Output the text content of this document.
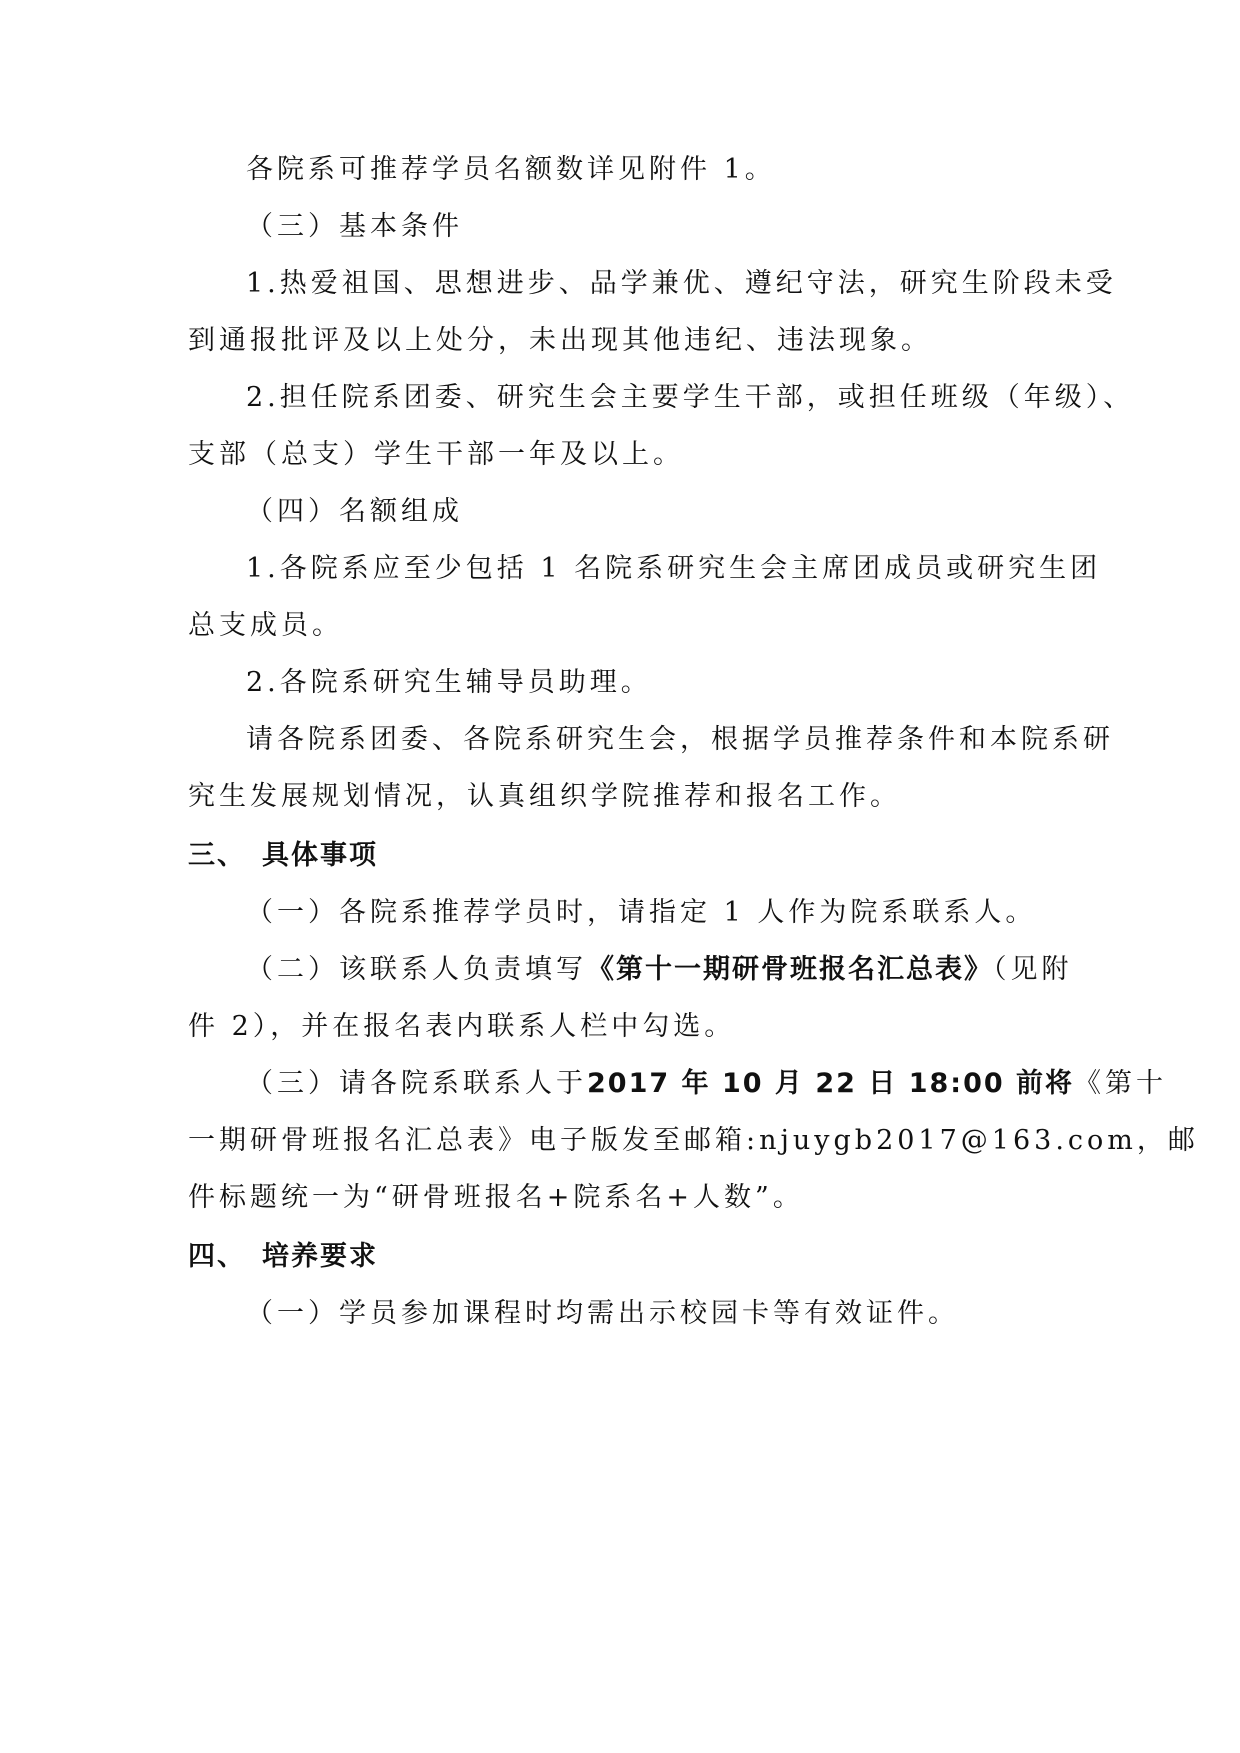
各院系可推荐学员名额数详见附件 1。
（三）基本条件
1.热爱祖国、思想进步、品学兼优、遵纪守法，研究生阶段未受
到通报批评及以上处分，未出现其他违纪、违法现象。
2.担任院系团委、研究生会主要学生干部，或担任班级（年级）、
支部（总支）学生干部一年及以上。
（四）名额组成
1.各院系应至少包括 1 名院系研究生会主席团成员或研究生团
总支成员。
2.各院系研究生辅导员助理。
请各院系团委、各院系研究生会，根据学员推荐条件和本院系研
究生发展规划情况，认真组织学院推荐和报名工作。
三、 具体事项
（一）各院系推荐学员时，请指定 1 人作为院系联系人。
（二）该联系人负责填写《第十一期研骨班报名汇总表》（见附
件 2），并在报名表内联系人栏中勾选。
（三）请各院系联系人于2017 年 10 月 22 日 18:00 前将《第十
一期研骨班报名汇总表》电子版发至邮箱:njuygb2017@163.com，邮
件标题统一为“研骨班报名+院系名+人数”。
四、 培养要求
（一）学员参加课程时均需出示校园卡等有效证件。
